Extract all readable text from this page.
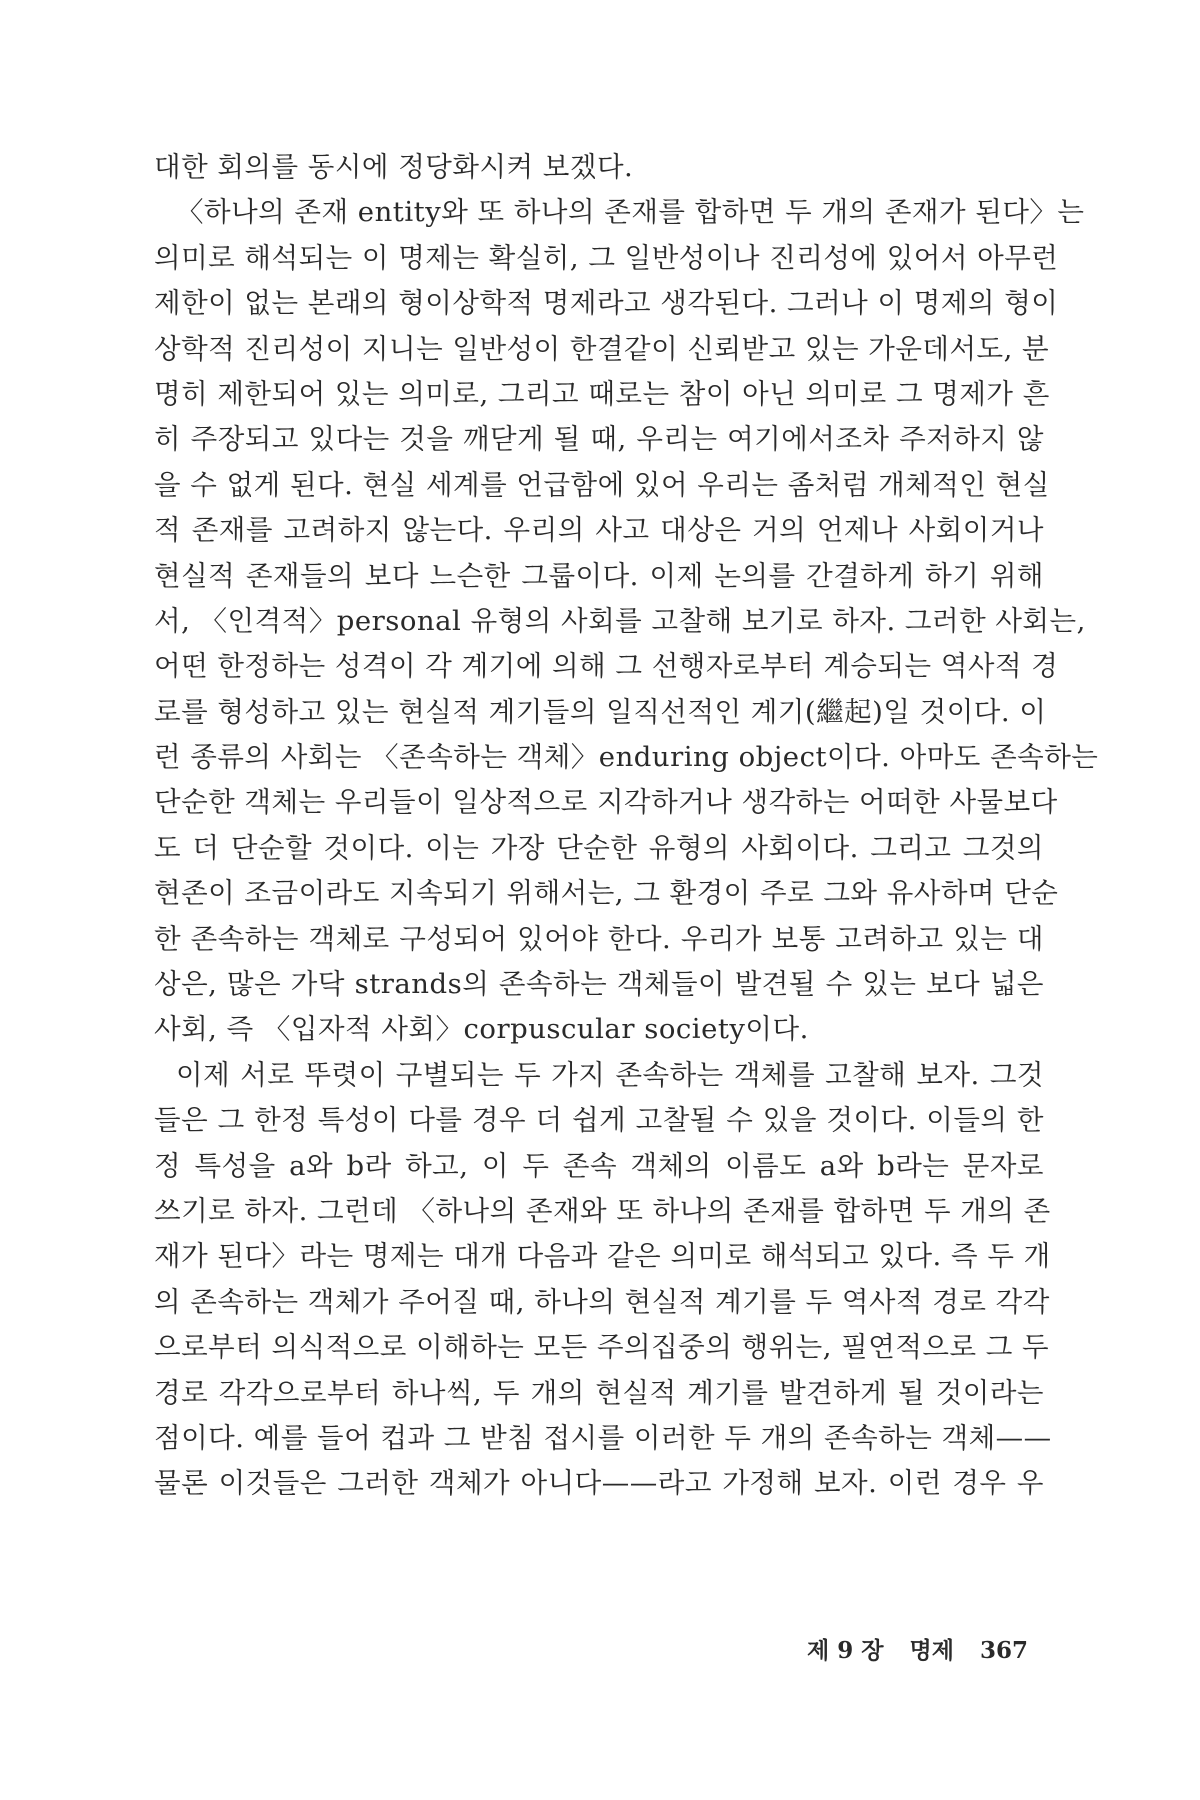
대한 회의를 동시에 정당화시켜 보겠다.
〈하나의 존재 entity와 또 하나의 존재를 합하면 두 개의 존재가 된다〉는
의미로 해석되는 이 명제는 확실히, 그 일반성이나 진리성에 있어서 아무런
제한이 없는 본래의 형이상학적 명제라고 생각된다. 그러나 이 명제의 형이
상학적 진리성이 지니는 일반성이 한결같이 신뢰받고 있는 가운데서도, 분
명히 제한되어 있는 의미로, 그리고 때로는 참이 아닌 의미로 그 명제가 흔
히 주장되고 있다는 것을 깨닫게 될 때, 우리는 여기에서조차 주저하지 않
을 수 없게 된다. 현실 세계를 언급함에 있어 우리는 좀처럼 개체적인 현실
적 존재를 고려하지 않는다. 우리의 사고 대상은 거의 언제나 사회이거나
현실적 존재들의 보다 느슨한 그룹이다. 이제 논의를 간결하게 하기 위해
서, 〈인격적〉personal 유형의 사회를 고찰해 보기로 하자. 그러한 사회는,
어떤 한정하는 성격이 각 계기에 의해 그 선행자로부터 계승되는 역사적 경
로를 형성하고 있는 현실적 계기들의 일직선적인 계기(繼起)일 것이다. 이
런 종류의 사회는 〈존속하는 객체〉enduring object이다. 아마도 존속하는
단순한 객체는 우리들이 일상적으로 지각하거나 생각하는 어떠한 사물보다
도 더 단순할 것이다. 이는 가장 단순한 유형의 사회이다. 그리고 그것의
현존이 조금이라도 지속되기 위해서는, 그 환경이 주로 그와 유사하며 단순
한 존속하는 객체로 구성되어 있어야 한다. 우리가 보통 고려하고 있는 대
상은, 많은 가닥 strands의 존속하는 객체들이 발견될 수 있는 보다 넓은
사회, 즉 〈입자적 사회〉corpuscular society이다.
이제 서로 뚜렷이 구별되는 두 가지 존속하는 객체를 고찰해 보자. 그것
들은 그 한정 특성이 다를 경우 더 쉽게 고찰될 수 있을 것이다. 이들의 한
정 특성을 a와 b라 하고, 이 두 존속 객체의 이름도 a와 b라는 문자로
쓰기로 하자. 그런데 〈하나의 존재와 또 하나의 존재를 합하면 두 개의 존
재가 된다〉라는 명제는 대개 다음과 같은 의미로 해석되고 있다. 즉 두 개
의 존속하는 객체가 주어질 때, 하나의 현실적 계기를 두 역사적 경로 각각
으로부터 의식적으로 이해하는 모든 주의집중의 행위는, 필연적으로 그 두
경로 각각으로부터 하나씩, 두 개의 현실적 계기를 발견하게 될 것이라는
점이다. 예를 들어 컵과 그 받침 접시를 이러한 두 개의 존속하는 객체——
물론 이것들은 그러한 객체가 아니다——라고 가정해 보자. 이런 경우 우
제 9 장 명제 367
